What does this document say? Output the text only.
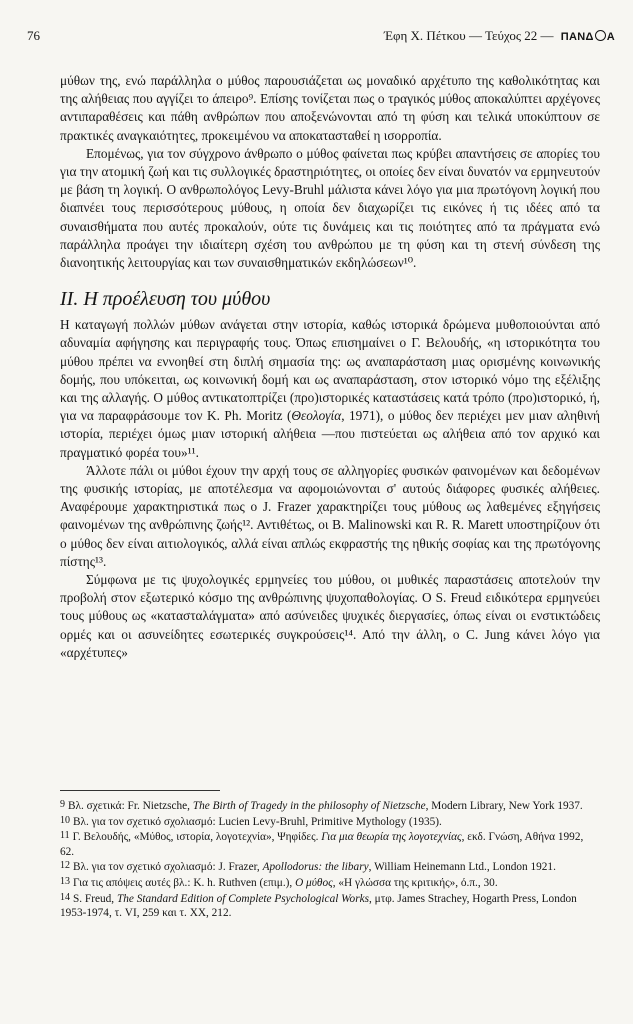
76	Έφη Χ. Πέτκου — Τεύχος 22 — ΠΑΝΔ Α

μύθων της, ενώ παράλληλα ο μύθος παρουσιάζεται ως μοναδικό αρχέτυπο της καθολικότητας και της αλήθειας που αγγίζει το άπειρο⁹. Επίσης τονίζεται πως ο τραγικός μύθος αποκαλύπτει αρχέγονες αντιπαραθέσεις και πάθη ανθρώπων που αποξενώνονται από τη φύση και τελικά υποκύπτουν σε πρακτικές αναγκαιότητες, προκειμένου να αποκατασταθεί η ισορροπία.

Επομένως, για τον σύγχρονο άνθρωπο ο μύθος φαίνεται πως κρύβει απαντήσεις σε απορίες του για την ατομική ζωή και τις συλλογικές δραστηριότητες, οι οποίες δεν είναι δυνατόν να ερμηνευτούν με βάση τη λογική. Ο ανθρωπολόγος Levy-Bruhl μάλιστα κάνει λόγο για μια πρωτόγονη λογική που διαπνέει τους περισσότερους μύθους, η οποία δεν διαχωρίζει τις εικόνες ή τις ιδέες από τα συναισθήματα που αυτές προκαλούν, ούτε τις δυνάμεις και τις ποιότητες από τα πράγματα ενώ παράλληλα προάγει την ιδιαίτερη σχέση του ανθρώπου με τη φύση και τη στενή σύνδεση της διανοητικής λειτουργίας και των συναισθηματικών εκδηλώσεων¹⁰.

ΙΙ. Η προέλευση του μύθου

Η καταγωγή πολλών μύθων ανάγεται στην ιστορία, καθώς ιστορικά δρώμενα μυθοποιούνται από αδυναμία αφήγησης και περιγραφής τους. Όπως επισημαίνει ο Γ. Βελουδής, «η ιστορικότητα του μύθου πρέπει να εννοηθεί στη διπλή σημασία της: ως αναπαράσταση μιας ορισμένης κοινωνικής δομής, που υπόκειται, ως κοινωνική δομή και ως αναπαράσταση, στον ιστορικό νόμο της εξέλιξης και της αλλαγής. Ο μύθος αντικατοπτρίζει (προ)ιστορικές καταστάσεις κατά τρόπο (προ)ιστορικό, ή, για να παραφράσουμε τον K. Ph. Moritz (Θεολογία, 1971), ο μύθος δεν περιέχει μεν μιαν αληθινή ιστορία, περιέχει όμως μιαν ιστορική αλήθεια —που πιστεύεται ως αλήθεια από τον αρχικό και πραγματικό φορέα του»¹¹.

Άλλοτε πάλι οι μύθοι έχουν την αρχή τους σε αλληγορίες φυσικών φαινομένων και δεδομένων της φυσικής ιστορίας, με αποτέλεσμα να αφομοιώνονται σ' αυτούς διάφορες φυσικές αλήθειες. Αναφέρουμε χαρακτηριστικά πως ο J. Frazer χαρακτηρίζει τους μύθους ως λαθεμένες εξηγήσεις φαινομένων της ανθρώπινης ζωής¹². Αντιθέτως, οι B. Malinowski και R. R. Marett υποστηρίζουν ότι ο μύθος δεν είναι αιτιολογικός, αλλά είναι απλώς εκφραστής της ηθικής σοφίας και της πρωτόγονης πίστης¹³.

Σύμφωνα με τις ψυχολογικές ερμηνείες του μύθου, οι μυθικές παραστάσεις αποτελούν την προβολή στον εξωτερικό κόσμο της ανθρώπινης ψυχοπαθολογίας. Ο S. Freud ειδικότερα ερμηνεύει τους μύθους ως «κατασταλάγματα» από ασύνειδες ψυχικές διεργασίες, όπως είναι οι ενστικτώδεις ορμές και οι ασυνείδητες εσωτερικές συγκρούσεις¹⁴. Από την άλλη, ο C. Jung κάνει λόγο για «αρχέτυπες»

9 Βλ. σχετικά: Fr. Nietzsche, The Birth of Tragedy in the philosophy of Nietzsche, Modern Library, New York 1937.

10 Βλ. για τον σχετικό σχολιασμό: Lucien Levy-Bruhl, Primitive Mythology (1935).

11 Γ. Βελουδής, «Μύθος, ιστορία, λογοτεχνία», Ψηφίδες. Για μια θεωρία της λογοτεχνίας, εκδ. Γνώση, Αθήνα 1992, 62.

12 Βλ. για τον σχετικό σχολιασμό: J. Frazer, Apollodorus: the libary, William Heinemann Ltd., London 1921.

13 Για τις απόψεις αυτές βλ.: K. h. Ruthven (επιμ.), Ο μύθος, «Η γλώσσα της κριτικής», ό.π., 30.

14 S. Freud, The Standard Edition of Complete Psychological Works, μτφ. James Strachey, Hogarth Press, London 1953-1974, τ. VI, 259 και τ. XX, 212.
